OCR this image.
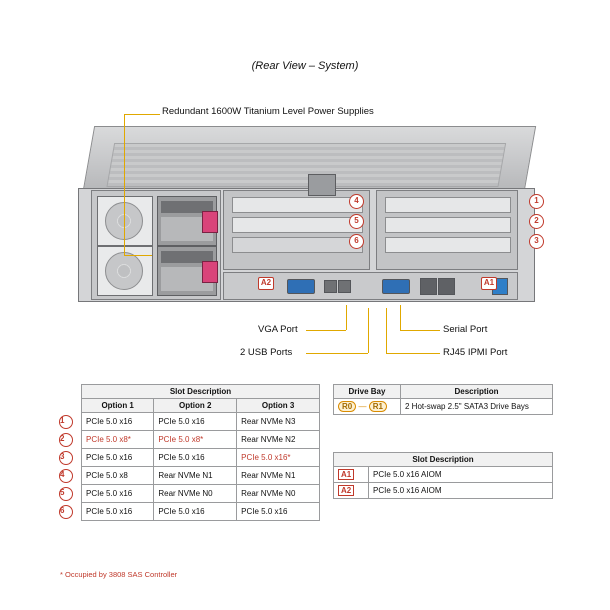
(Rear View – System)
4
5
6
1
2
3
A2	A1
Redundant 1600W Titanium Level Power Supplies
VGA Port
2 USB Ports
Serial Port
RJ45 IPMI Port
	Slot Description		
	Option 1	Option 2	Option 3
1	PCIe 5.0 x16	PCIe 5.0 x16	Rear NVMe N3
2	PCIe 5.0 x8*	PCIe 5.0 x8*	Rear NVMe N2
3	PCIe 5.0 x16	PCIe 5.0 x16	PCIe 5.0 x16*
4	PCIe 5.0 x8	Rear NVMe N1	Rear NVMe N1
5	PCIe 5.0 x16	Rear NVMe N0	Rear NVMe N0
6	PCIe 5.0 x16	PCIe 5.0 x16	PCIe 5.0 x16
* Occupied by 3808 SAS Controller
Drive Bay	Description
R0 — R1	2 Hot-swap 2.5" SATA3 Drive Bays
Slot Description	
A1	PCIe 5.0 x16 AIOM
A2	PCIe 5.0 x16 AIOM
